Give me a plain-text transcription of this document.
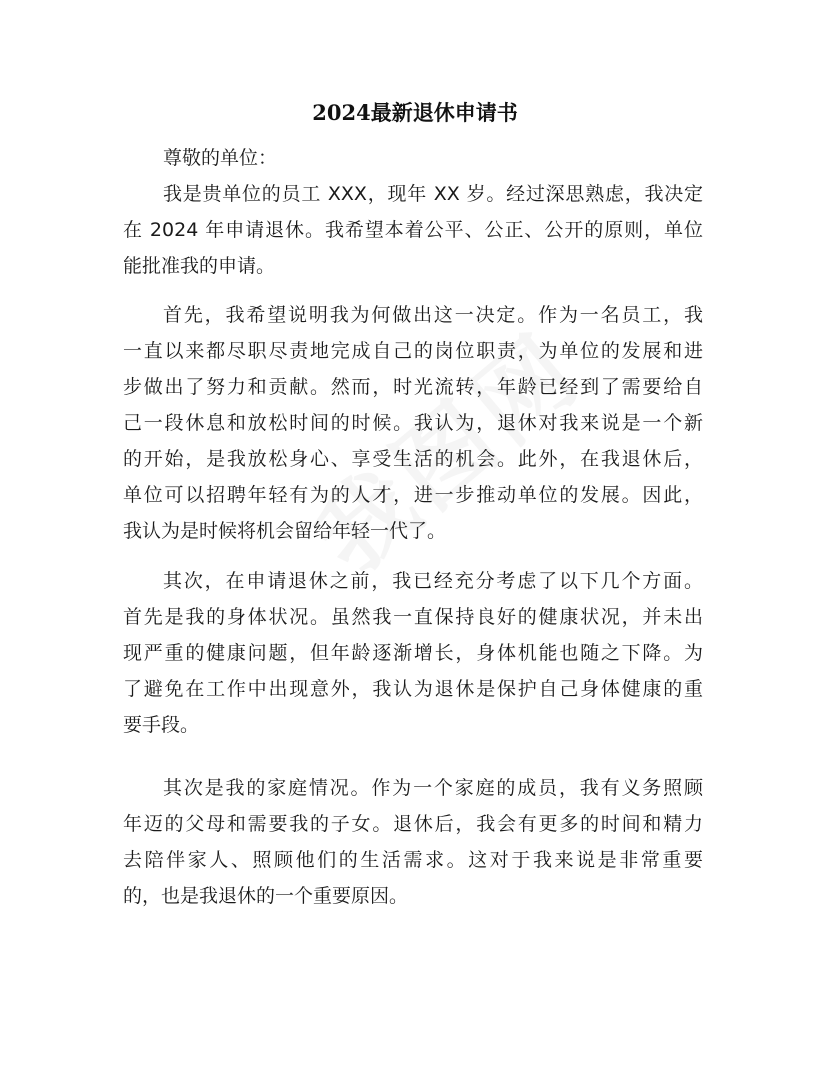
2024最新退休申请书

尊敬的单位：

我是贵单位的员工 XXX，现年 XX 岁。经过深思熟虑，我决定
在 2024 年申请退休。我希望本着公平、公正、公开的原则，单位
能批准我的申请。
首先，我希望说明我为何做出这一决定。作为一名员工，我
一直以来都尽职尽责地完成自己的岗位职责，为单位的发展和进
步做出了努力和贡献。然而，时光流转，年龄已经到了需要给自
己一段休息和放松时间的时候。我认为，退休对我来说是一个新
的开始，是我放松身心、享受生活的机会。此外，在我退休后，
单位可以招聘年轻有为的人才，进一步推动单位的发展。因此，
我认为是时候将机会留给年轻一代了。
其次，在申请退休之前，我已经充分考虑了以下几个方面。
首先是我的身体状况。虽然我一直保持良好的健康状况，并未出
现严重的健康问题，但年龄逐渐增长，身体机能也随之下降。为
了避免在工作中出现意外，我认为退休是保护自己身体健康的重
要手段。
其次是我的家庭情况。作为一个家庭的成员，我有义务照顾
年迈的父母和需要我的子女。退休后，我会有更多的时间和精力
去陪伴家人、照顾他们的生活需求。这对于我来说是非常重要
的，也是我退休的一个重要原因。
